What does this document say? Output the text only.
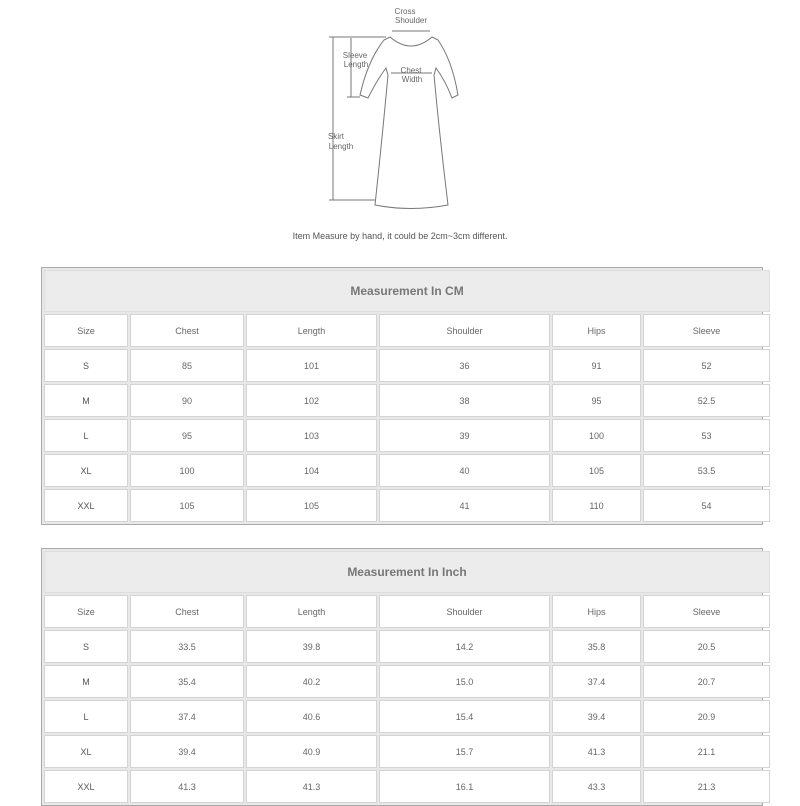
Cross
Shoulder
Sleeve
Length
Chest
Width
Skirt
Length
Item Measure by hand, it could be 2cm~3cm different.
Measurement In CM					
Size	Chest	Length	Shoulder	Hips	Sleeve
S	85	101	36	91	52
M	90	102	38	95	52.5
L	95	103	39	100	53
XL	100	104	40	105	53.5
XXL	105	105	41	110	54
Measurement In Inch					
Size	Chest	Length	Shoulder	Hips	Sleeve
S	33.5	39.8	14.2	35.8	20.5
M	35.4	40.2	15.0	37.4	20.7
L	37.4	40.6	15.4	39.4	20.9
XL	39.4	40.9	15.7	41.3	21.1
XXL	41.3	41.3	16.1	43.3	21.3
